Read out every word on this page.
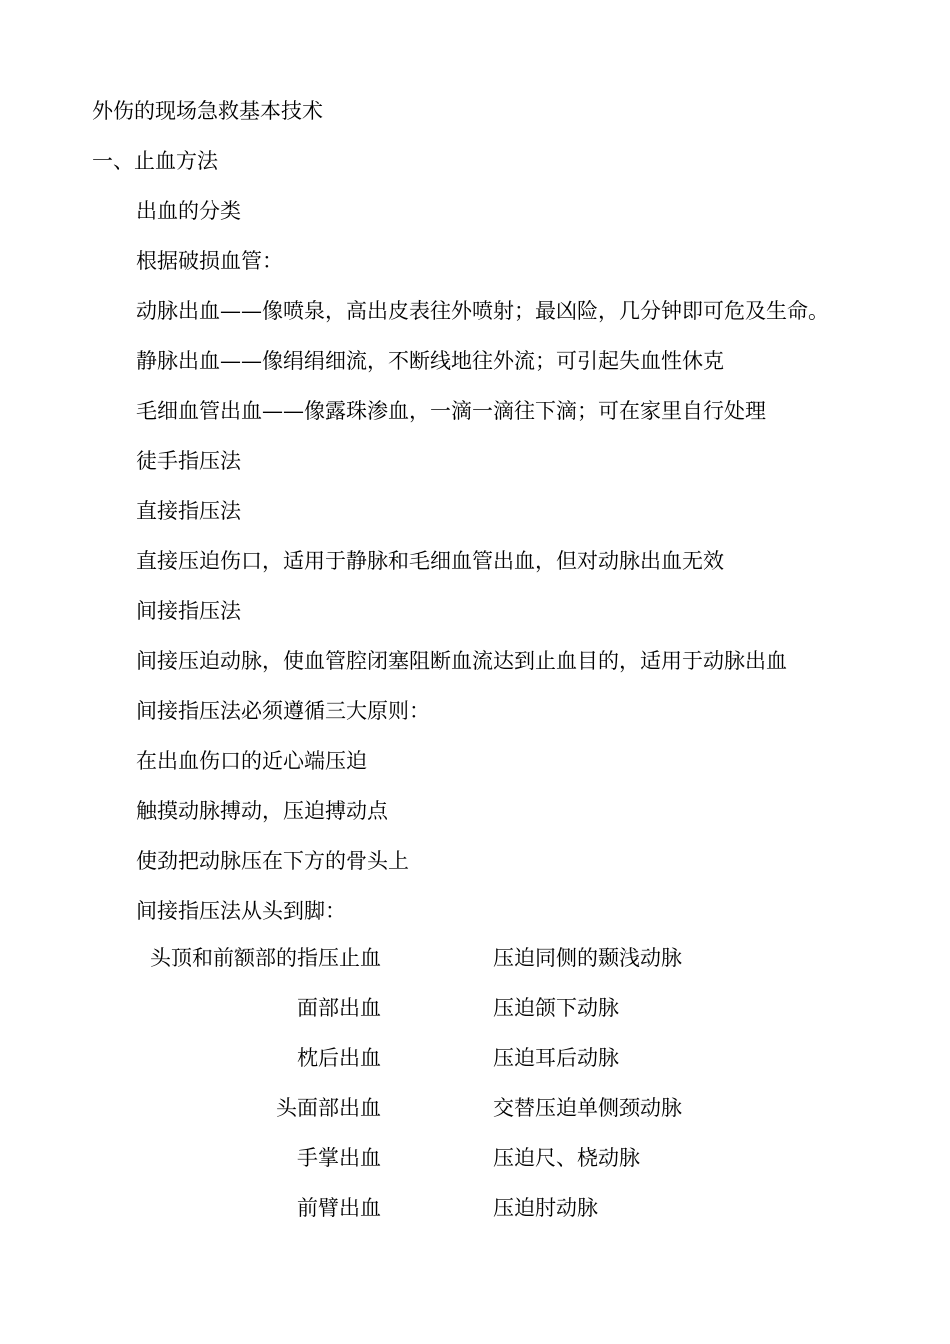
外伤的现场急救基本技术
一、止血方法
出血的分类
根据破损血管：
动脉出血——像喷泉，高出皮表往外喷射；最凶险，几分钟即可危及生命。
静脉出血——像绢绢细流，不断线地往外流；可引起失血性休克
毛细血管出血——像露珠渗血，一滴一滴往下滴；可在家里自行处理
徒手指压法
直接指压法
直接压迫伤口，适用于静脉和毛细血管出血，但对动脉出血无效
间接指压法
间接压迫动脉，使血管腔闭塞阻断血流达到止血目的，适用于动脉出血
间接指压法必须遵循三大原则：
在出血伤口的近心端压迫
触摸动脉搏动，压迫搏动点
使劲把动脉压在下方的骨头上
间接指压法从头到脚：
头顶和前额部的指压止血	压迫同侧的颞浅动脉
面部出血	压迫颌下动脉
枕后出血	压迫耳后动脉
头面部出血	交替压迫单侧颈动脉
手掌出血	压迫尺、桡动脉
前臂出血	压迫肘动脉
